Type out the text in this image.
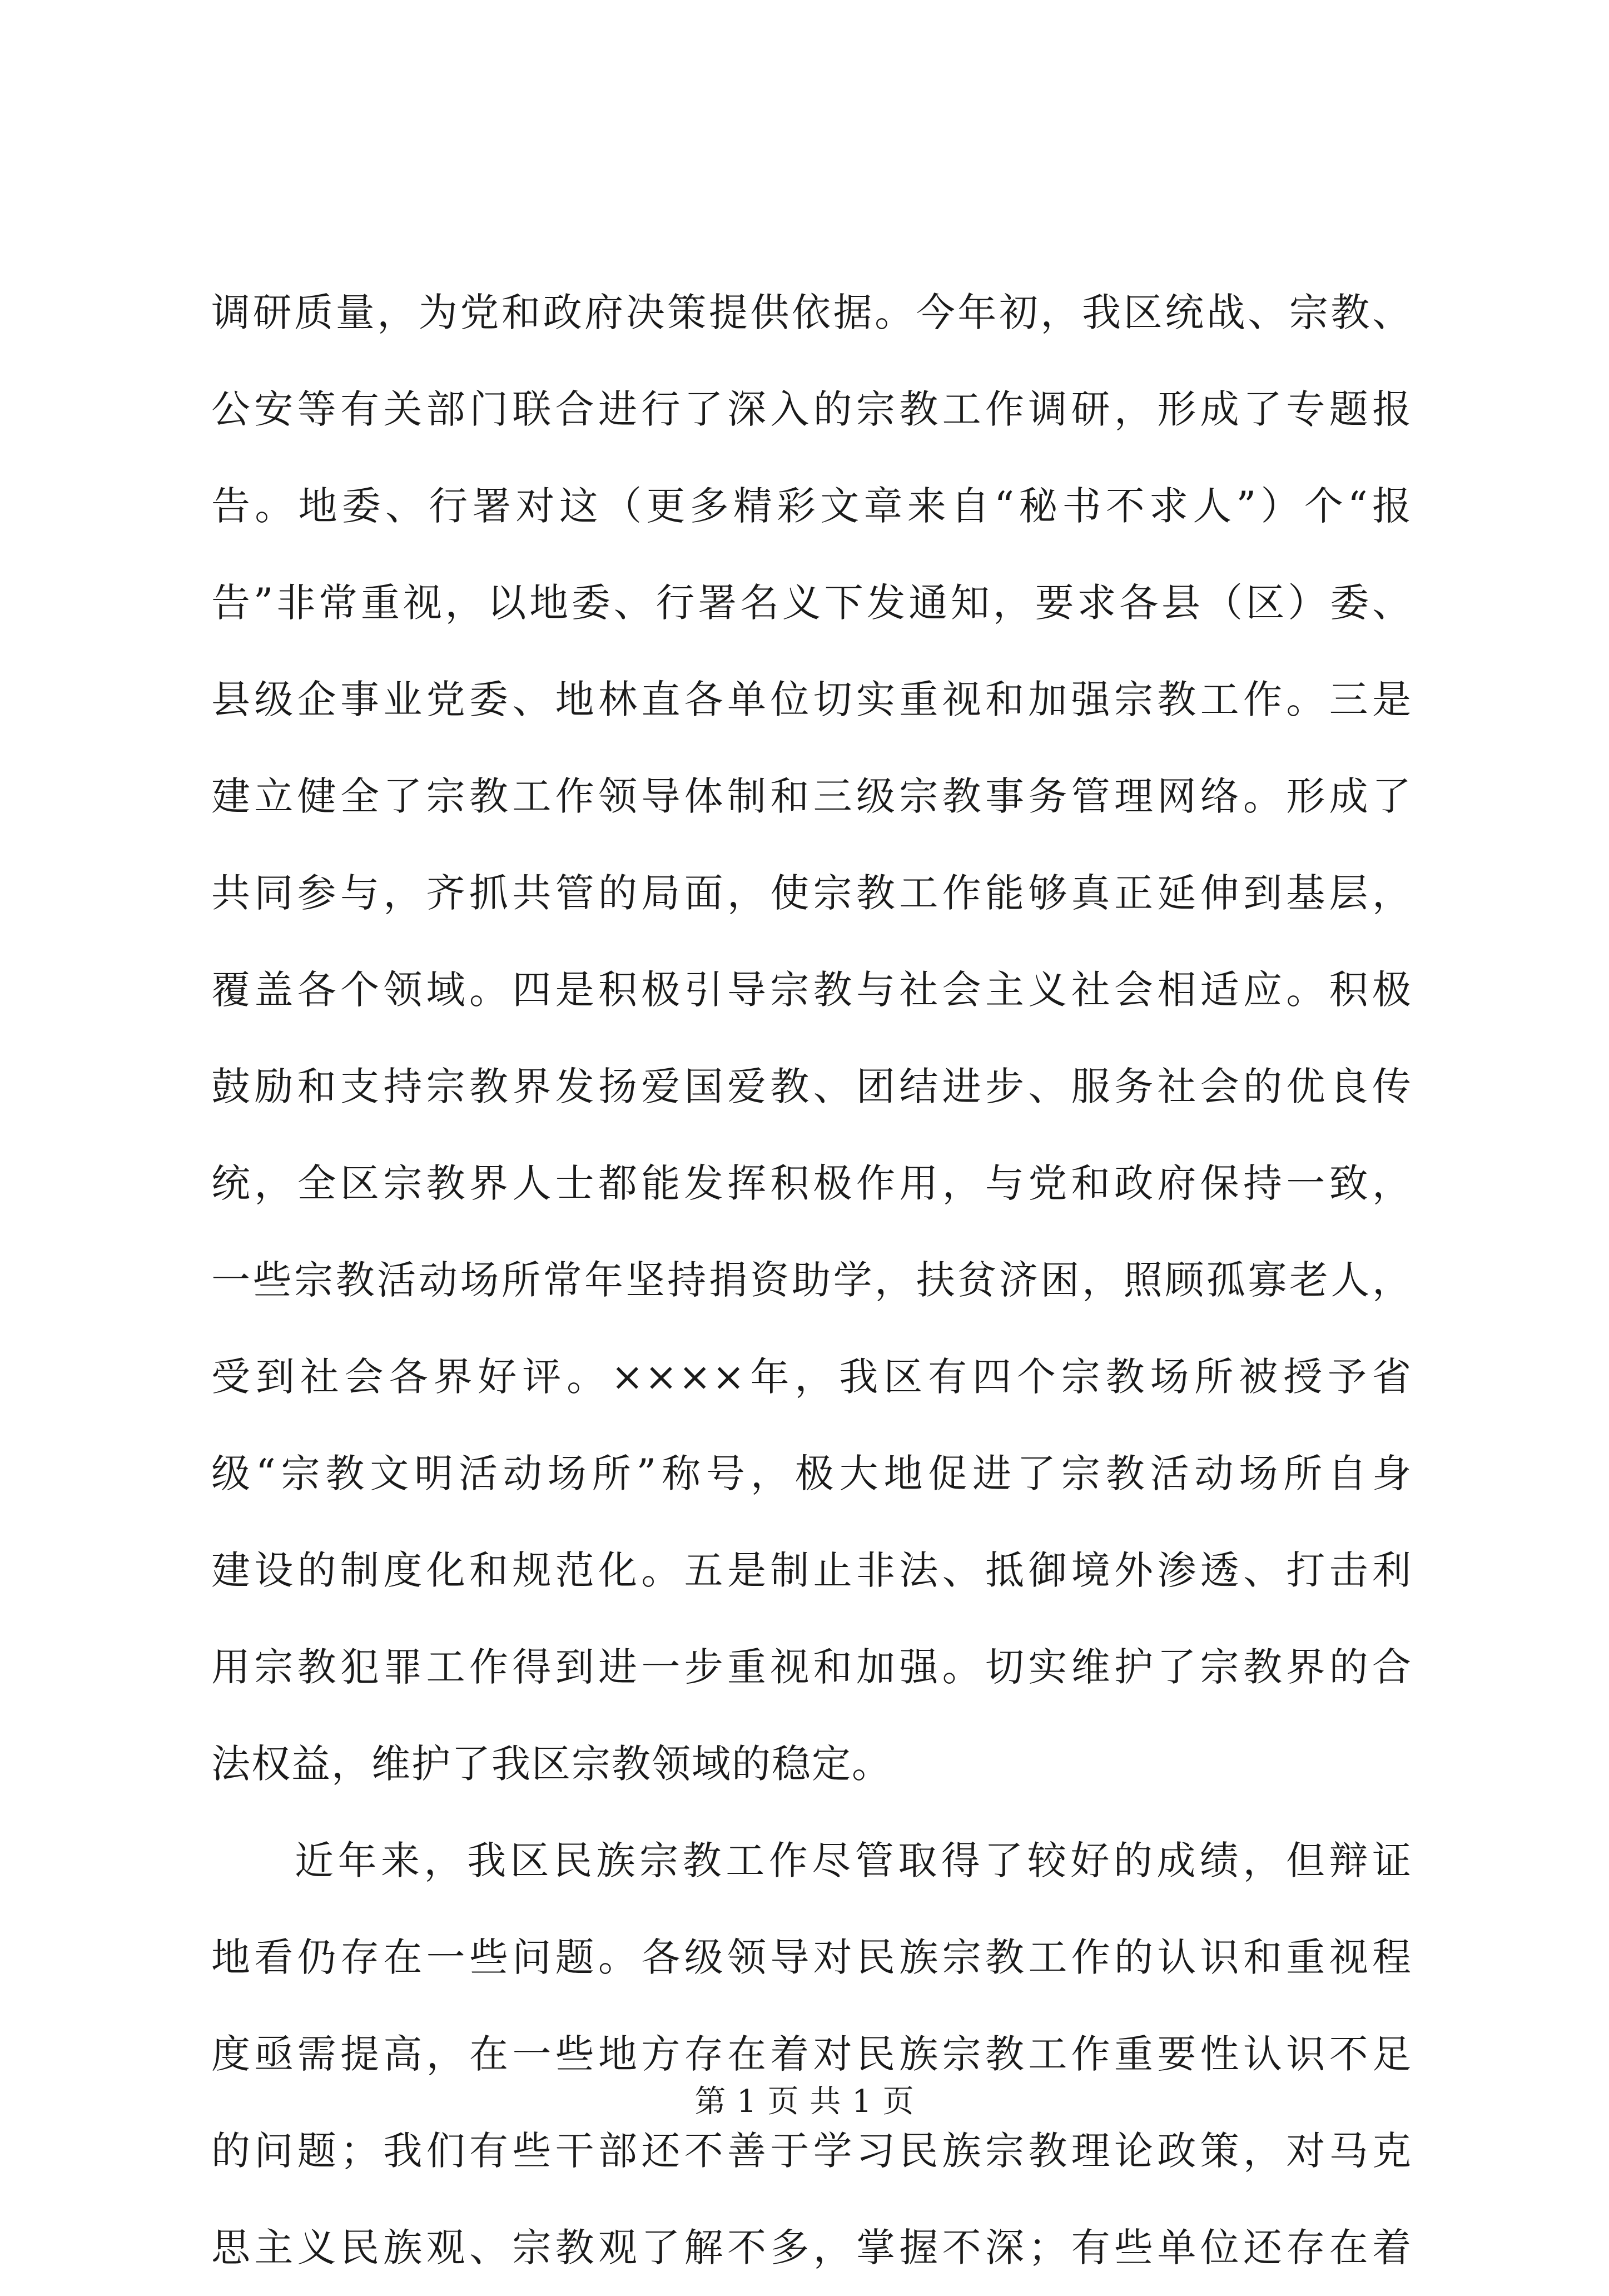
调研质量，为党和政府决策提供依据。今年初，我区统战、宗教、
公安等有关部门联合进行了深入的宗教工作调研，形成了专题报
告。地委、行署对这（更多精彩文章来自“秘书不求人”）个“报
告”非常重视，以地委、行署名义下发通知，要求各县（区）委、
县级企事业党委、地林直各单位切实重视和加强宗教工作。三是
建立健全了宗教工作领导体制和三级宗教事务管理网络。形成了
共同参与，齐抓共管的局面，使宗教工作能够真正延伸到基层，
覆盖各个领域。四是积极引导宗教与社会主义社会相适应。积极
鼓励和支持宗教界发扬爱国爱教、团结进步、服务社会的优良传
统，全区宗教界人士都能发挥积极作用，与党和政府保持一致，
一些宗教活动场所常年坚持捐资助学，扶贫济困，照顾孤寡老人，
受到社会各界好评。××××年，我区有四个宗教场所被授予省
级“宗教文明活动场所”称号，极大地促进了宗教活动场所自身
建设的制度化和规范化。五是制止非法、抵御境外渗透、打击利
用宗教犯罪工作得到进一步重视和加强。切实维护了宗教界的合
法权益，维护了我区宗教领域的稳定。
近年来，我区民族宗教工作尽管取得了较好的成绩，但辩证
地看仍存在一些问题。各级领导对民族宗教工作的认识和重视程
度亟需提高，在一些地方存在着对民族宗教工作重要性认识不足
的问题；我们有些干部还不善于学习民族宗教理论政策，对马克
思主义民族观、宗教观了解不多，掌握不深；有些单位还存在着
第 1 页 共 1 页
